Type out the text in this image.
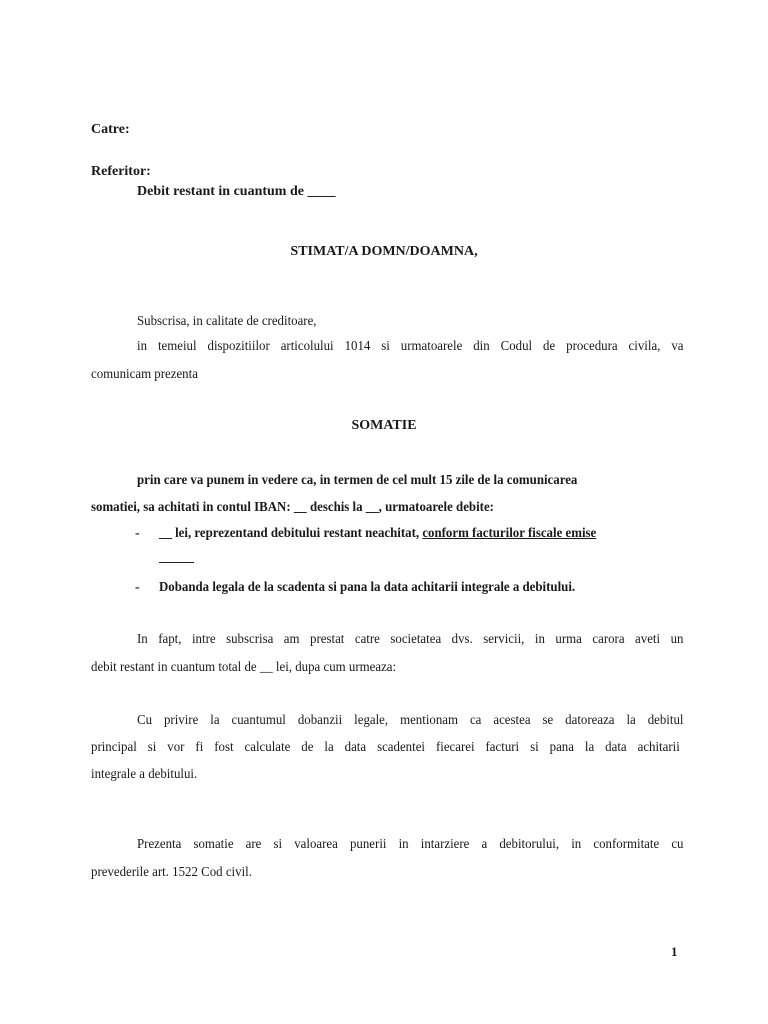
Catre:
Referitor:
Debit restant in cuantum de ____
STIMAT/A DOMN/DOAMNA,
Subscrisa, in calitate de creditoare,
in temeiul dispozitiilor articolului 1014 si urmatoarele din Codul de procedura civila, va
comunicam prezenta
SOMATIE
prin care va punem in vedere ca, in termen de cel mult 15 zile de la comunicarea
somatiei, sa achitati in contul IBAN: __ deschis la __, urmatoarele debite:
- __ lei, reprezentand debitului restant neachitat, conform facturilor fiscale emise
_____
- Dobanda legala de la scadenta si pana la data achitarii integrale a debitului.
In fapt, intre subscrisa am prestat catre societatea dvs. servicii, in urma carora aveti un
debit restant in cuantum total de __ lei, dupa cum urmeaza:
Cu privire la cuantumul dobanzii legale, mentionam ca acestea se datoreaza la debitul
principal si vor fi fost calculate de la data scadentei fiecarei facturi si pana la data achitarii
integrale a debitului.
Prezenta somatie are si valoarea punerii in intarziere a debitorului, in conformitate cu
prevederile art. 1522 Cod civil.
1
